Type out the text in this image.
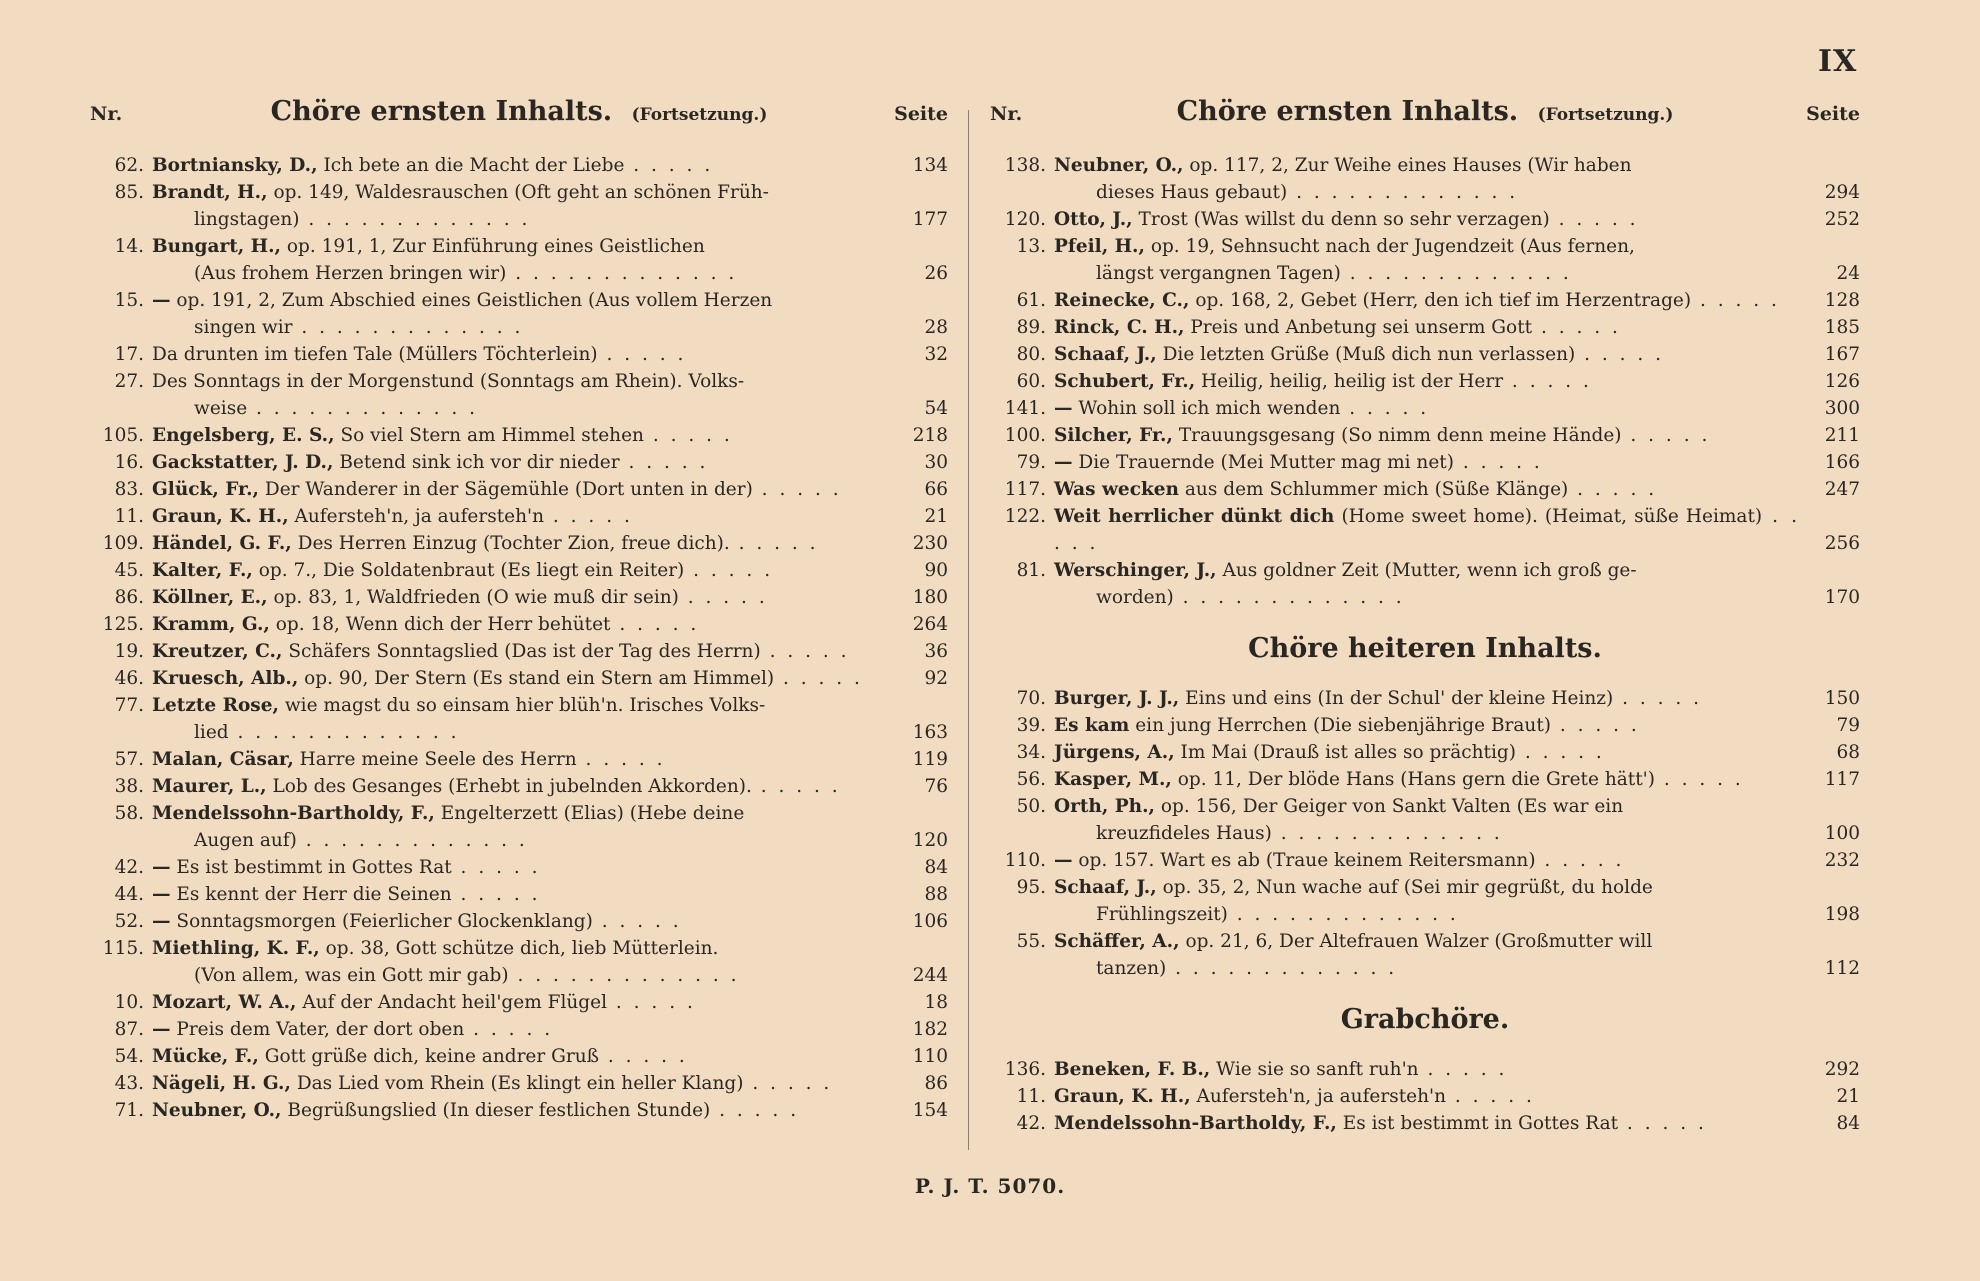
IX
Nr.	Chöre ernsten Inhalts. (Fortsetzung.)	Seite
62. Bortniansky, D., Ich bete an die Macht der Liebe . . . . .	134
85. Brandt, H., op. 149, Waldesrauschen (Oft geht an schönen Früh-
lingstagen) . . . . . . . . . . . . .	177
14. Bungart, H., op. 191, 1, Zur Einführung eines Geistlichen
(Aus frohem Herzen bringen wir) . . . . . . . . . . . . .	26
15. — op. 191, 2, Zum Abschied eines Geistlichen (Aus vollem Herzen
singen wir . . . . . . . . . . . . .	28
17. Da drunten im tiefen Tale (Müllers Töchterlein) . . . . .	32
27. Des Sonntags in der Morgenstund (Sonntags am Rhein). Volks-
weise . . . . . . . . . . . . .	54
105. Engelsberg, E. S., So viel Stern am Himmel stehen . . . . .	218
16. Gackstatter, J. D., Betend sink ich vor dir nieder . . . . .	30
83. Glück, Fr., Der Wanderer in der Sägemühle (Dort unten in der) . . . . .	66
11. Graun, K. H., Aufersteh'n, ja aufersteh'n . . . . .	21
109. Händel, G. F., Des Herren Einzug (Tochter Zion, freue dich). . . . . .	230
45. Kalter, F., op. 7., Die Soldatenbraut (Es liegt ein Reiter) . . . . .	90
86. Köllner, E., op. 83, 1, Waldfrieden (O wie muß dir sein) . . . . .	180
125. Kramm, G., op. 18, Wenn dich der Herr behütet . . . . .	264
19. Kreutzer, C., Schäfers Sonntagslied (Das ist der Tag des Herrn) . . . . .	36
46. Kruesch, Alb., op. 90, Der Stern (Es stand ein Stern am Himmel) . . . . .	92
77. Letzte Rose, wie magst du so einsam hier blüh'n. Irisches Volks-
lied . . . . . . . . . . . . .	163
57. Malan, Cäsar, Harre meine Seele des Herrn . . . . .	119
38. Maurer, L., Lob des Gesanges (Erhebt in jubelnden Akkorden). . . . . .	76
58. Mendelssohn-Bartholdy, F., Engelterzett (Elias) (Hebe deine
Augen auf) . . . . . . . . . . . . .	120
42. — Es ist bestimmt in Gottes Rat . . . . .	84
44. — Es kennt der Herr die Seinen . . . . .	88
52. — Sonntagsmorgen (Feierlicher Glockenklang) . . . . .	106
115. Miethling, K. F., op. 38, Gott schütze dich, lieb Mütterlein.
(Von allem, was ein Gott mir gab) . . . . . . . . . . . . .	244
10. Mozart, W. A., Auf der Andacht heil'gem Flügel . . . . .	18
87. — Preis dem Vater, der dort oben . . . . .	182
54. Mücke, F., Gott grüße dich, keine andrer Gruß . . . . .	110
43. Nägeli, H. G., Das Lied vom Rhein (Es klingt ein heller Klang) . . . . .	86
71. Neubner, O., Begrüßungslied (In dieser festlichen Stunde) . . . . .	154
Nr.	Chöre ernsten Inhalts. (Fortsetzung.)	Seite
138. Neubner, O., op. 117, 2, Zur Weihe eines Hauses (Wir haben
dieses Haus gebaut) . . . . . . . . . . . . .	294
120. Otto, J., Trost (Was willst du denn so sehr verzagen) . . . . .	252
13. Pfeil, H., op. 19, Sehnsucht nach der Jugendzeit (Aus fernen,
längst vergangnen Tagen) . . . . . . . . . . . . .	24
61. Reinecke, C., op. 168, 2, Gebet (Herr, den ich tief im Herzentrage) . . . . .	128
89. Rinck, C. H., Preis und Anbetung sei unserm Gott . . . . .	185
80. Schaaf, J., Die letzten Grüße (Muß dich nun verlassen) . . . . .	167
60. Schubert, Fr., Heilig, heilig, heilig ist der Herr . . . . .	126
141. — Wohin soll ich mich wenden . . . . .	300
100. Silcher, Fr., Trauungsgesang (So nimm denn meine Hände) . . . . .	211
79. — Die Trauernde (Mei Mutter mag mi net) . . . . .	166
117. Was wecken aus dem Schlummer mich (Süße Klänge) . . . . .	247
122. Weit herrlicher dünkt dich (Home sweet home). (Heimat, süße Heimat) . . . . .	256
81. Werschinger, J., Aus goldner Zeit (Mutter, wenn ich groß ge-
worden) . . . . . . . . . . . . .	170
Chöre heiteren Inhalts.
70. Burger, J. J., Eins und eins (In der Schul' der kleine Heinz) . . . . .	150
39. Es kam ein jung Herrchen (Die siebenjährige Braut) . . . . .	79
34. Jürgens, A., Im Mai (Drauß ist alles so prächtig) . . . . .	68
56. Kasper, M., op. 11, Der blöde Hans (Hans gern die Grete hätt') . . . . .	117
50. Orth, Ph., op. 156, Der Geiger von Sankt Valten (Es war ein
kreuzfideles Haus) . . . . . . . . . . . . .	100
110. — op. 157. Wart es ab (Traue keinem Reitersmann) . . . . .	232
95. Schaaf, J., op. 35, 2, Nun wache auf (Sei mir gegrüßt, du holde
Frühlingszeit) . . . . . . . . . . . . .	198
55. Schäffer, A., op. 21, 6, Der Altefrauen Walzer (Großmutter will
tanzen) . . . . . . . . . . . . .	112
Grabchöre.
136. Beneken, F. B., Wie sie so sanft ruh'n . . . . .	292
11. Graun, K. H., Aufersteh'n, ja aufersteh'n . . . . .	21
42. Mendelssohn-Bartholdy, F., Es ist bestimmt in Gottes Rat . . . . .	84
P. J. T. 5070.
